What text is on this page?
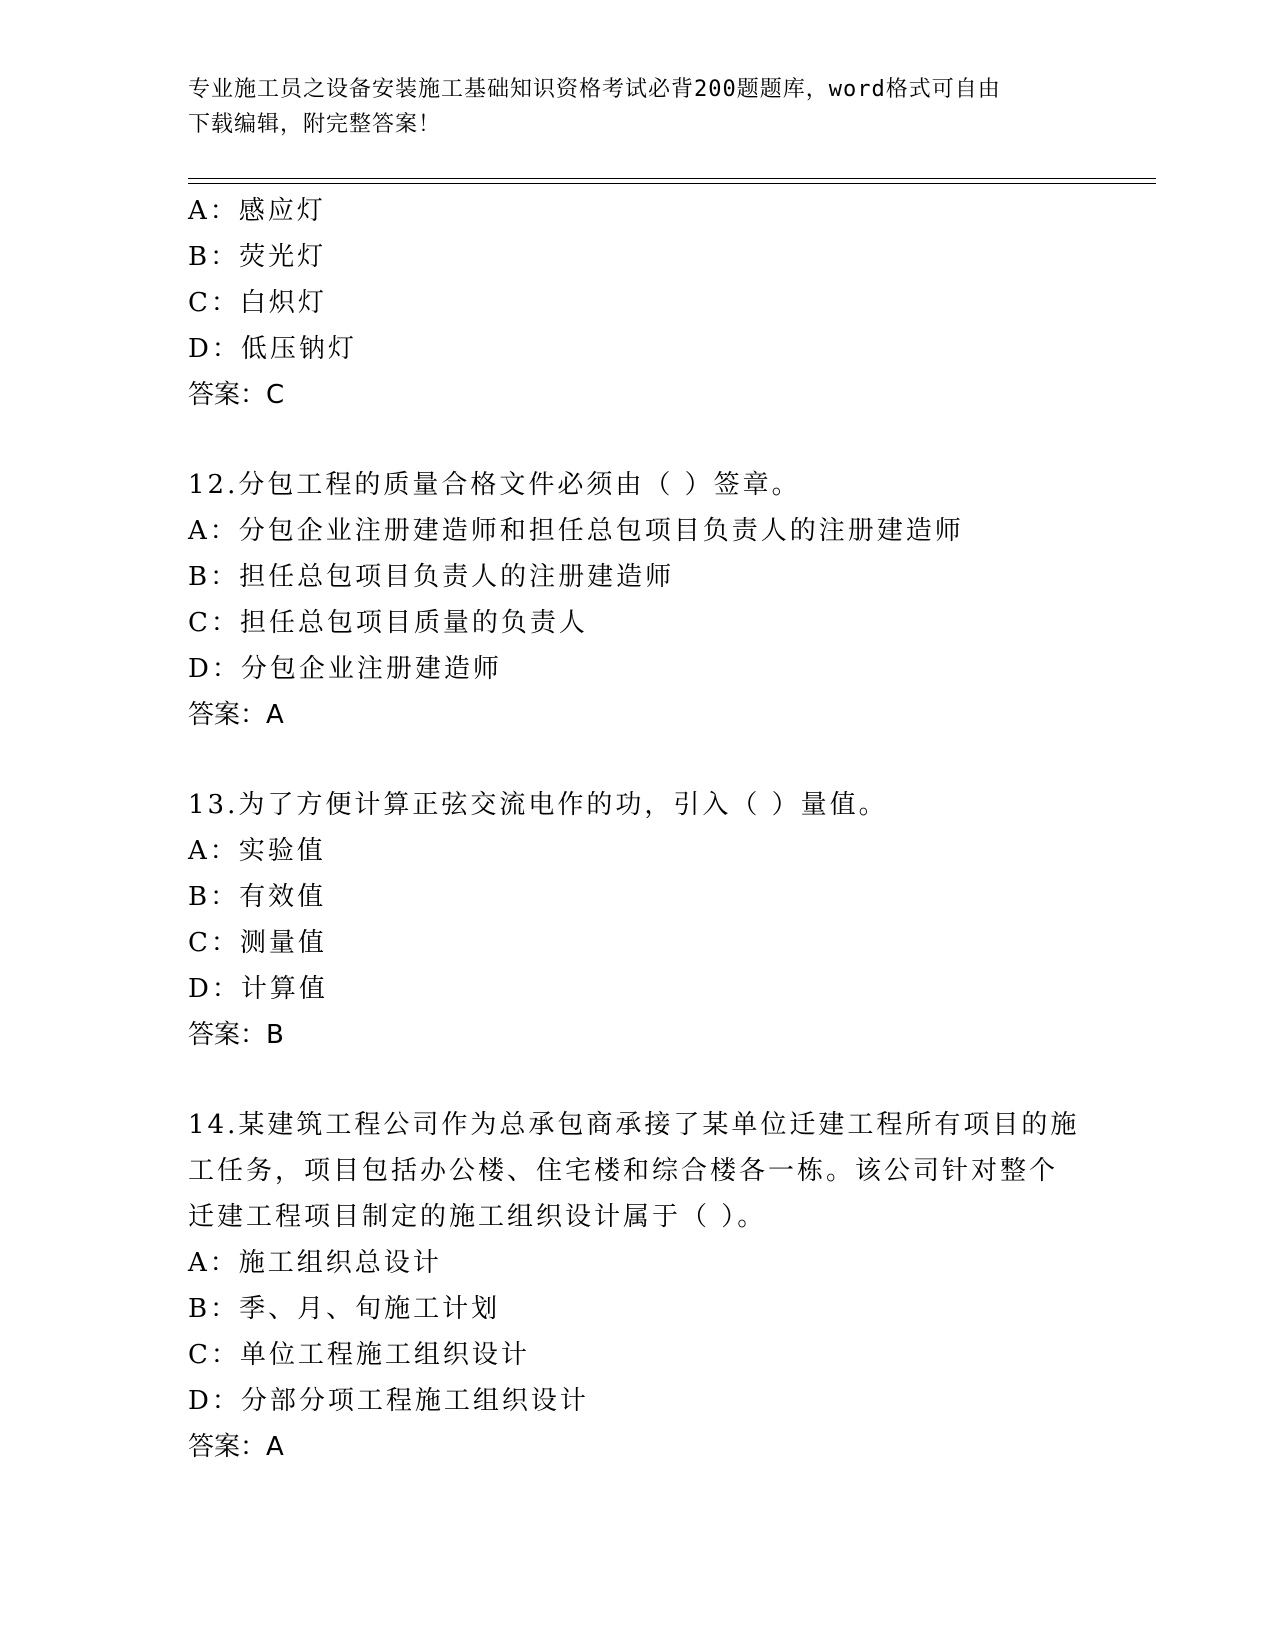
专业施工员之设备安装施工基础知识资格考试必背200题题库，word格式可自由
下载编辑，附完整答案！
A：感应灯
B：荧光灯
C：白炽灯
D：低压钠灯
答案：C
12.分包工程的质量合格文件必须由（ ）签章。
A：分包企业注册建造师和担任总包项目负责人的注册建造师
B：担任总包项目负责人的注册建造师
C：担任总包项目质量的负责人
D：分包企业注册建造师
答案：A
13.为了方便计算正弦交流电作的功，引入（ ）量值。
A：实验值
B：有效值
C：测量值
D：计算值
答案：B
14.某建筑工程公司作为总承包商承接了某单位迁建工程所有项目的施
工任务，项目包括办公楼、住宅楼和综合楼各一栋。该公司针对整个
迁建工程项目制定的施工组织设计属于（ ）。
A：施工组织总设计
B：季、月、旬施工计划
C：单位工程施工组织设计
D：分部分项工程施工组织设计
答案：A
